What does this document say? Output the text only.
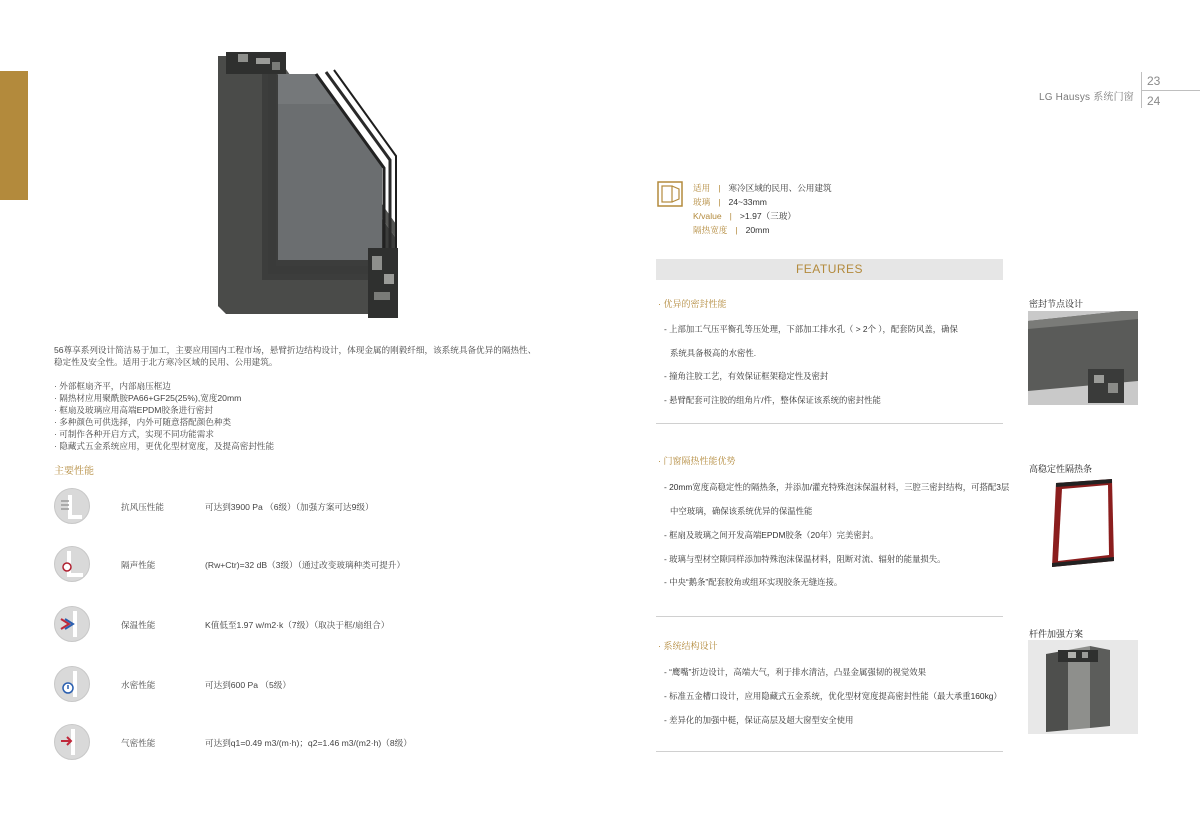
LG Hausys 系统门窗
23
24
56尊享系列设计简洁易于加工，主要应用国内工程市场，悬臂折边结构设计，体现金属的刚毅纤细，该系统具备优异的隔热性、稳定性及安全性。适用于北方寒冷区域的民用、公用建筑。
· 外部框扇齐平，内部扇压框边
· 隔热材应用聚酰胺PA66+GF25(25%),宽度20mm
· 框扇及玻璃应用高端EPDM胶条进行密封
· 多种颜色可供选择，内外可随意搭配颜色种类
· 可制作各种开启方式，实现不同功能需求
· 隐藏式五金系统应用，更优化型材宽度，及提高密封性能
主要性能
抗风压性能	可达到3900 Pa （6级）（加强方案可达9级）
隔声性能	(Rw+Ctr)=32 dB（3级）（通过改变玻璃种类可提升）
保温性能	K值低至1.97 w/m2·k（7级）（取决于框/扇组合）
水密性能	可达到600 Pa （5级）
气密性能	可达到q1=0.49 m3/(m·h)；q2=1.46 m3/(m2·h)（8级）
适用 | 寒冷区域的民用、公用建筑
玻璃 | 24~33mm
K/value | >1.97（三玻）
隔热宽度 | 20mm
FEATURES
· 优异的密封性能
- 上部加工气压平衡孔等压处理，下部加工排水孔（ > 2个 ），配套防风盖，确保
系统具备极高的水密性.
- 撞角注胶工艺，有效保证框架稳定性及密封
- 悬臂配套可注胶的组角片/件，整体保证该系统的密封性能
· 门窗隔热性能优势
- 20mm宽度高稳定性的隔热条，并添加/灌充特殊泡沫保温材料，三腔三密封结构，可搭配3层
中空玻璃，确保该系统优异的保温性能
- 框扇及玻璃之间开发高端EPDM胶条（20年）完美密封。
- 玻璃与型材空隙同样添加特殊泡沫保温材料，阻断对流、辐射的能量损失。
- 中央“鹅条”配套胶角或组环实现胶条无缝连接。
· 系统结构设计
- “鹰嘴”折边设计，高端大气，利于排水清洁，凸显金属强韧的视觉效果
- 标准五金槽口设计，应用隐藏式五金系统，优化型材宽度提高密封性能（最大承重160kg）
- 差异化的加强中梃，保证高层及超大窗型安全使用
密封节点设计
高稳定性隔热条
杆件加强方案
